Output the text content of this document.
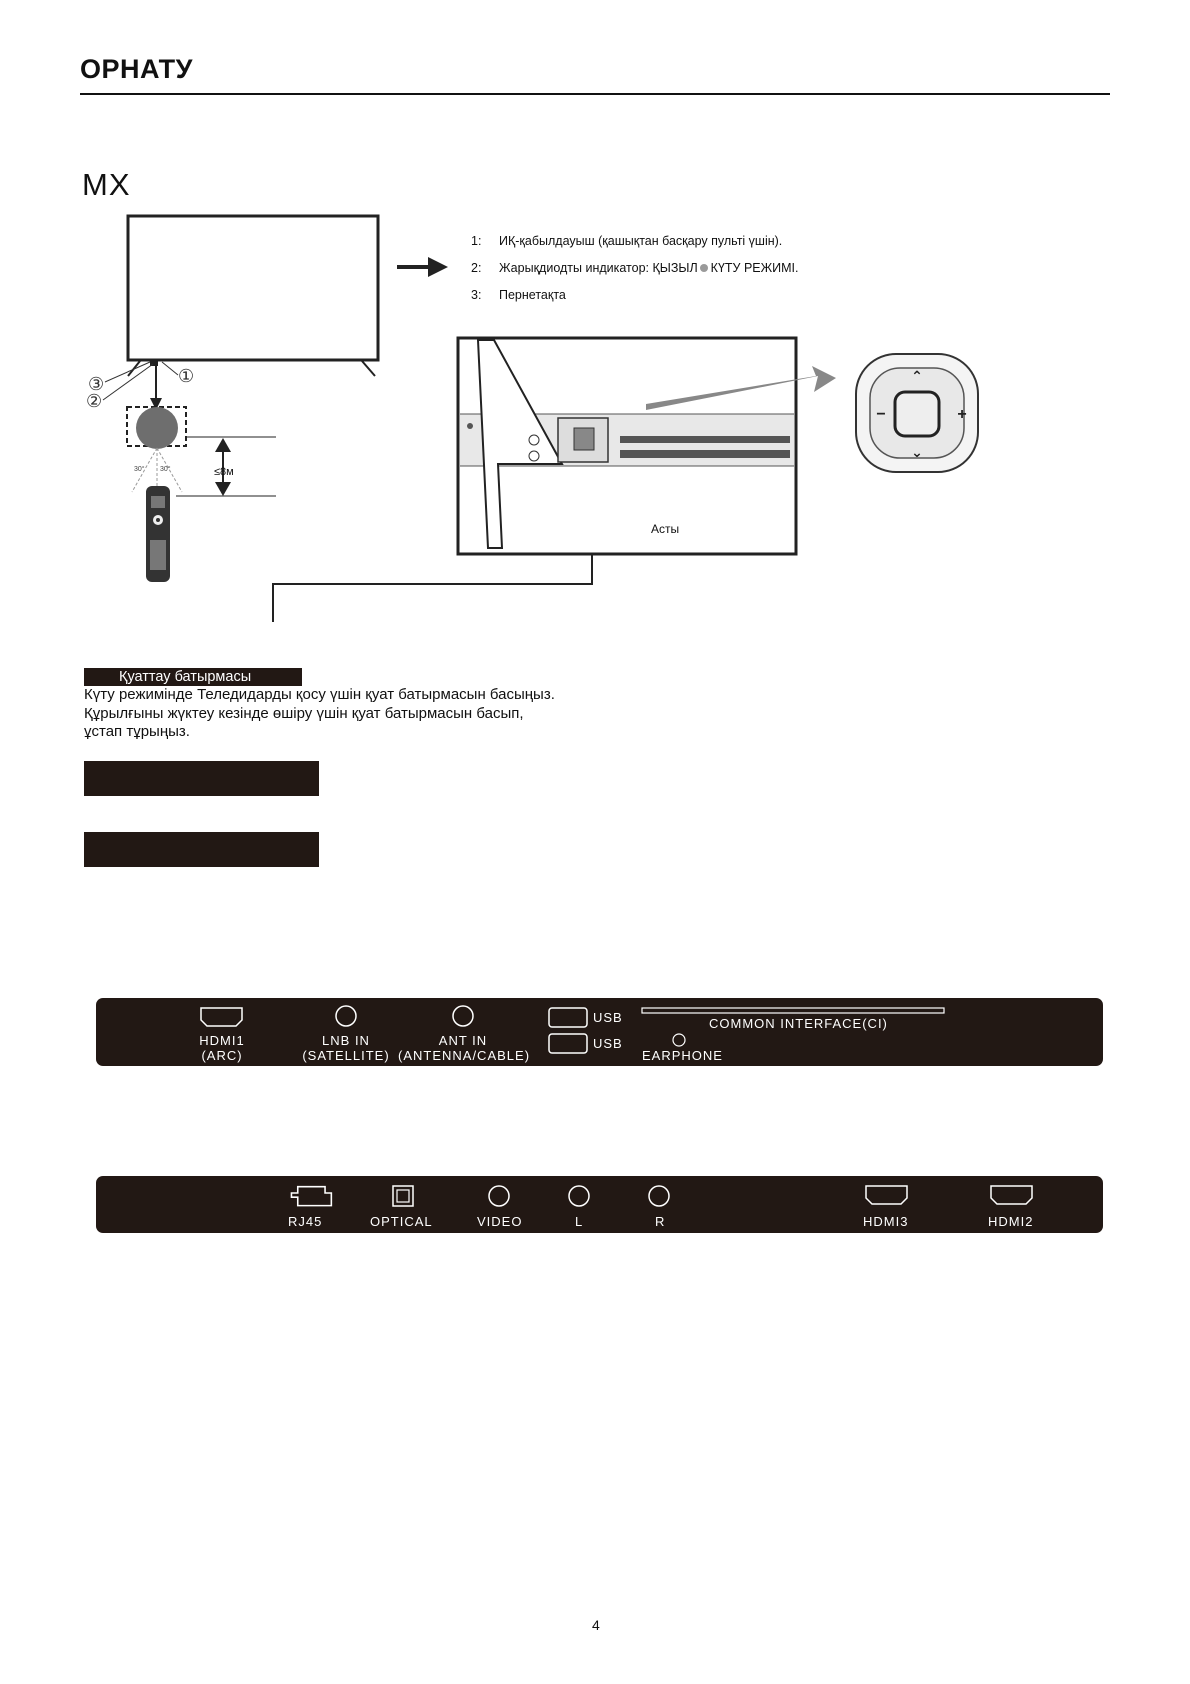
ОРНАТУ
MX
1: ИҚ-қабылдауыш (қашықтан басқару пульті үшін).
2: Жарықдиодты индикатор: ҚЫЗЫЛ КҮТУ РЕЖИМІ.
3: Пернетақта
③	①
②
30° 30°
⌃
⌄
−	+
≤8м
Асты
Қуаттау батырмасы
Күту режимінде Теледидарды қосу үшін қуат батырмасын басыңыз.
Құрылғыны жүктеу кезінде өшіру үшін қуат батырмасын басып,
ұстап тұрыңыз.
HDMI1
(ARC)
LNB IN
(SATELLITE)
ANT IN
(ANTENNA/CABLE)
USB
USB
COMMON INTERFACE(CI)
EARPHONE
RJ45	OPTICAL	VIDEO	L	R	HDMI3	HDMI2
4
